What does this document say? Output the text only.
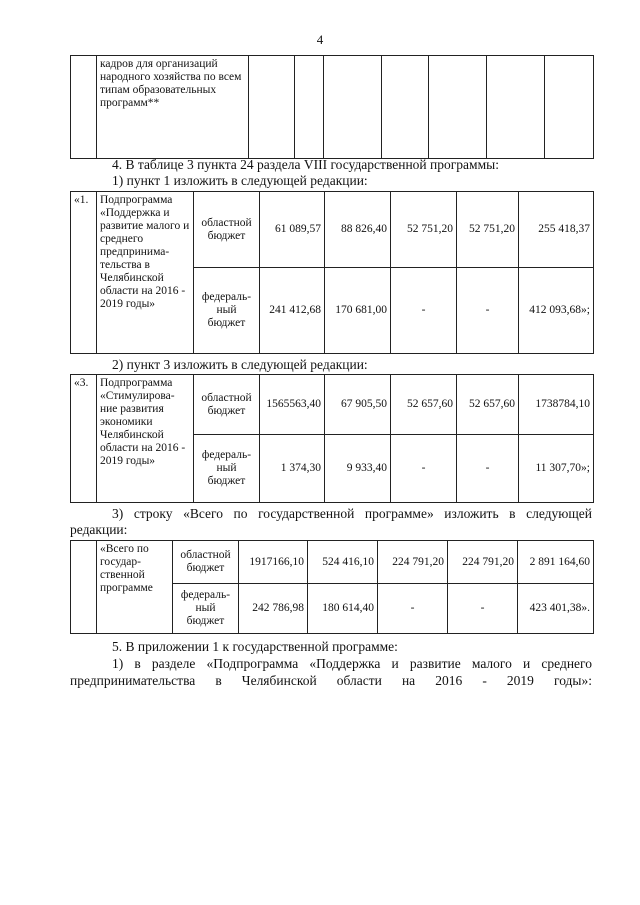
4
	кадров для организаций народного хозяйства по всем типам образовательных программ**							
4. В таблице 3 пункта 24 раздела VIII государственной программы:
1) пункт 1 изложить в следующей редакции:
«1.	Подпрограмма «Поддержка и развитие малого и среднего предпринима-тельства в Челябинской области на 2016 - 2019 годы»	областной бюджет	61 089,57	88 826,40	52 751,20	52 751,20	255 418,37
		федераль-ный бюджет	241 412,68	170 681,00	-	-	412 093,68»;
2) пункт 3 изложить в следующей редакции:
«3.	Подпрограмма «Стимулирова-ние развития экономики Челябинской области на 2016 - 2019 годы»	областной бюджет	1565563,40	67 905,50	52 657,60	52 657,60	1738784,10
		федераль-ный бюджет	1 374,30	9 933,40	-	-	11 307,70»;
3) строку «Всего по государственной программе» изложить в следующей
редакции:
	«Всего по государ-ственной программе	областной бюджет	1917166,10	524 416,10	224 791,20	224 791,20	2 891 164,60
		федераль-ный бюджет	242 786,98	180 614,40	-	-	423 401,38».
5. В приложении 1 к государственной программе:
1) в разделе «Подпрограмма «Поддержка и развитие малого и среднего
предпринимательства в Челябинской области на 2016 - 2019 годы»:
